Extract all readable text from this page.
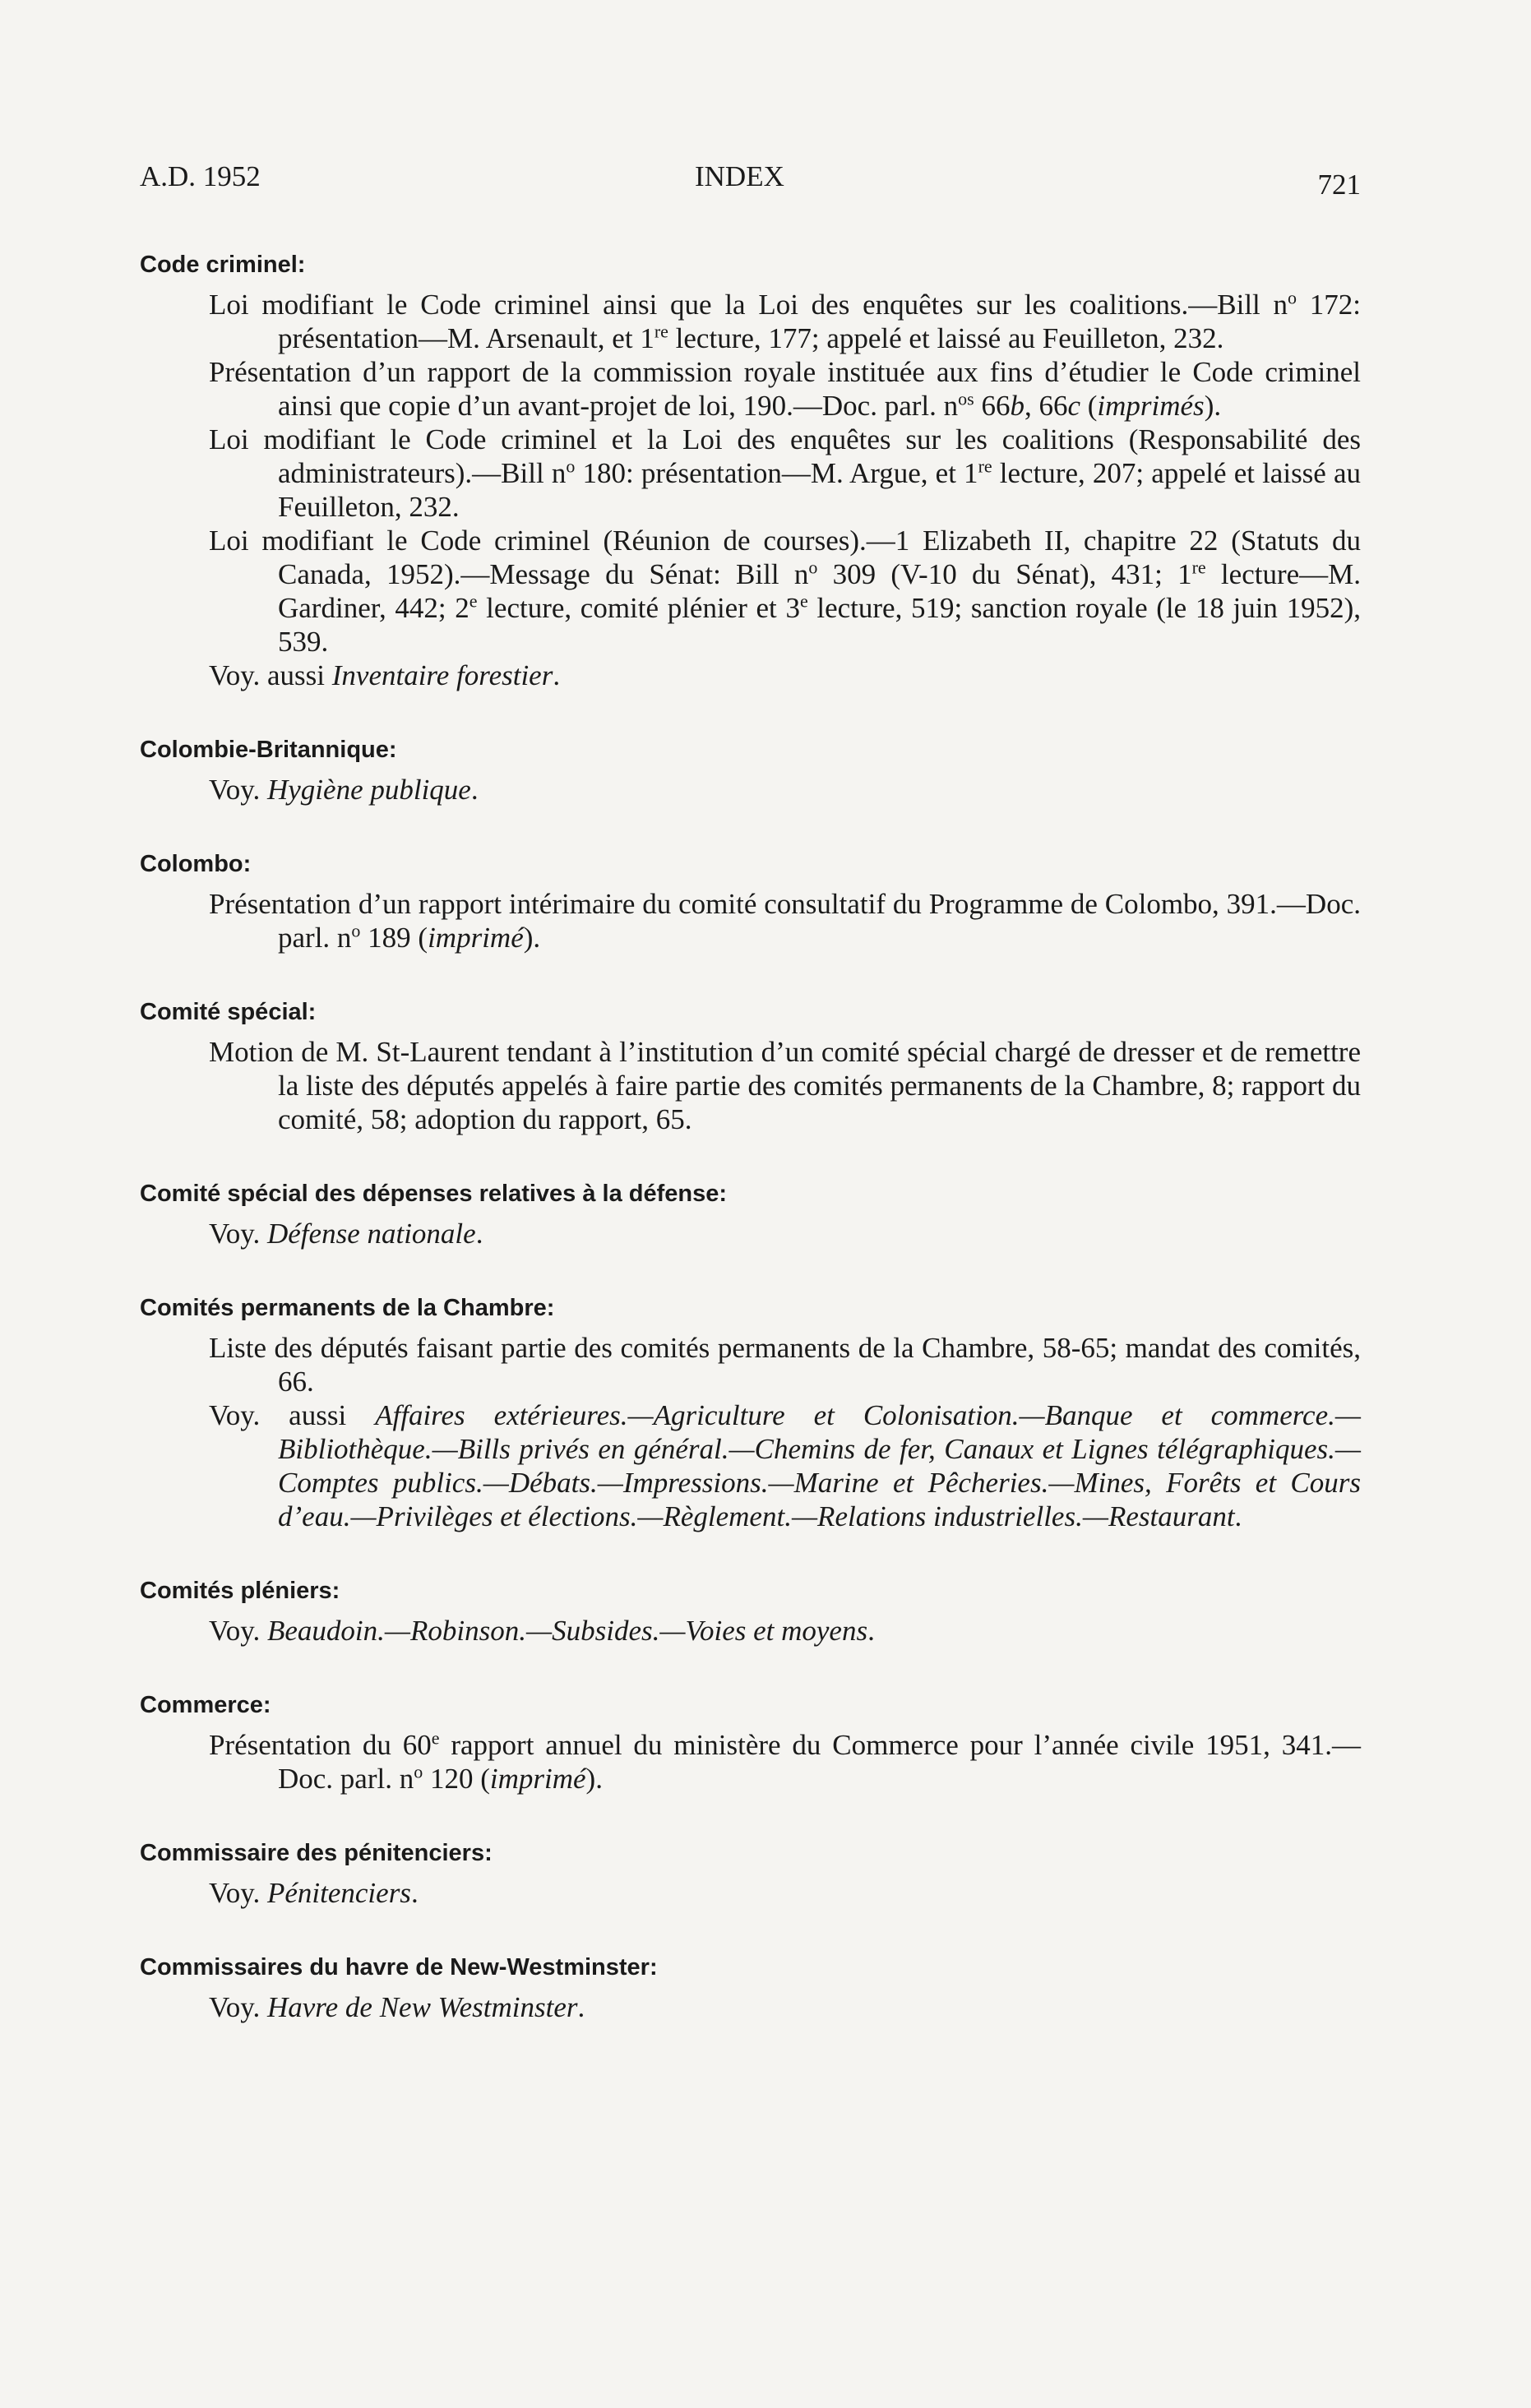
A.D. 1952	INDEX	721
Code criminel:

Loi modifiant le Code criminel ainsi que la Loi des enquêtes sur les coalitions.—Bill $n^o$ 172: présentation—M. Arsenault, et 1re lecture, 177; appelé et laissé au Feuilleton, 232.

Présentation d’un rapport de la commission royale instituée aux fins d’étudier le Code criminel ainsi que copie d’un avant-projet de loi, 190.—Doc. parl. $n^{os}$ 66b, 66c (imprimés).

Loi modifiant le Code criminel et la Loi des enquêtes sur les coalitions (Responsabilité des administrateurs).—Bill $n^o$ 180: présentation—M. Argue, et 1re lecture, 207; appelé et laissé au Feuilleton, 232.

Loi modifiant le Code criminel (Réunion de courses).—1 Elizabeth II, chapitre 22 (Statuts du Canada, 1952).—Message du Sénat: Bill $n^o$ 309 (V-10 du Sénat), 431; 1re lecture—M. Gardiner, 442; 2e lecture, comité plénier et 3e lecture, 519; sanction royale (le 18 juin 1952), 539.

Voy. aussi Inventaire forestier.

Colombie-Britannique:

Voy. Hygiène publique.

Colombo:

Présentation d’un rapport intérimaire du comité consultatif du Programme de Colombo, 391.—Doc. parl. $n^o$ 189 (imprimé).

Comité spécial:

Motion de M. St-Laurent tendant à l’institution d’un comité spécial chargé de dresser et de remettre la liste des députés appelés à faire partie des comités permanents de la Chambre, 8; rapport du comité, 58; adoption du rapport, 65.

Comité spécial des dépenses relatives à la défense:

Voy. Défense nationale.

Comités permanents de la Chambre:

Liste des députés faisant partie des comités permanents de la Chambre, 58-65; mandat des comités, 66.

Voy. aussi Affaires extérieures.—Agriculture et Colonisation.—Banque et commerce.—Bibliothèque.—Bills privés en général.—Chemins de fer, Canaux et Lignes télégraphiques.—Comptes publics.—Débats.—Impressions.—Marine et Pêcheries.—Mines, Forêts et Cours d’eau.—Privilèges et élections.—Règlement.—Relations industrielles.—Restaurant.

Comités pléniers:

Voy. Beaudoin.—Robinson.—Subsides.—Voies et moyens.

Commerce:

Présentation du 60e rapport annuel du ministère du Commerce pour l’année civile 1951, 341.—Doc. parl. $n^o$ 120 (imprimé).

Commissaire des pénitenciers:

Voy. Pénitenciers.

Commissaires du havre de New-Westminster:

Voy. Havre de New Westminster.
